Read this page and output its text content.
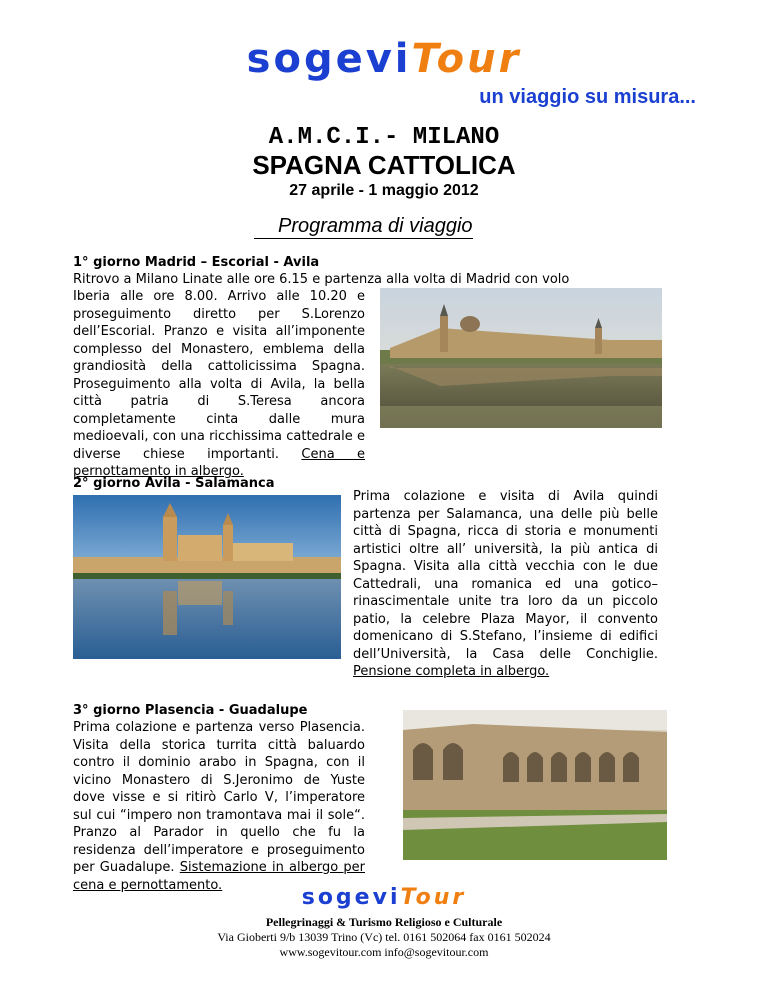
sogeviTour
un viaggio su misura...
A.M.C.I.- MILANO
SPAGNA CATTOLICA
27 aprile - 1 maggio 2012
Programma di viaggio
1° giorno Madrid – Escorial - Avila
Ritrovo a Milano Linate alle ore 6.15 e partenza alla volta di Madrid con volo
Iberia alle ore 8.00. Arrivo alle 10.20 e proseguimento diretto per S.Lorenzo dell’Escorial. Pranzo e visita all’imponente complesso del Monastero, emblema della grandiosità della cattolicissima Spagna. Proseguimento alla volta di Avila, la bella città patria di S.Teresa ancora completamente cinta dalle mura medioevali, con una ricchissima cattedrale e diverse chiese importanti. Cena e pernottamento in albergo.
2° giorno Avila - Salamanca
Prima colazione e visita di Avila quindi partenza per Salamanca, una delle più belle città di Spagna, ricca di storia e monumenti artistici oltre all’ università, la più antica di Spagna. Visita alla città vecchia con le due Cattedrali, una romanica ed una gotico–rinascimentale unite tra loro da un piccolo patio, la celebre Plaza Mayor, il convento domenicano di S.Stefano, l’insieme di edifici dell’Università, la Casa delle Conchiglie. Pensione completa in albergo.
3° giorno Plasencia - Guadalupe
Prima colazione e partenza verso Plasencia. Visita della storica turrita città baluardo contro il dominio arabo in Spagna, con il vicino Monastero di S.Jeronimo de Yuste dove visse e si ritirò Carlo V, l’imperatore sul cui “impero non tramontava mai il sole“. Pranzo al Parador in quello che fu la residenza dell’imperatore e proseguimento per Guadalupe. Sistemazione in albergo per cena e pernottamento.	sogeviTour
Pellegrinaggi & Turismo Religioso e Culturale
Via Gioberti 9/b 13039 Trino (Vc) tel. 0161 502064 fax 0161 502024
www.sogevitour.com info@sogevitour.com
